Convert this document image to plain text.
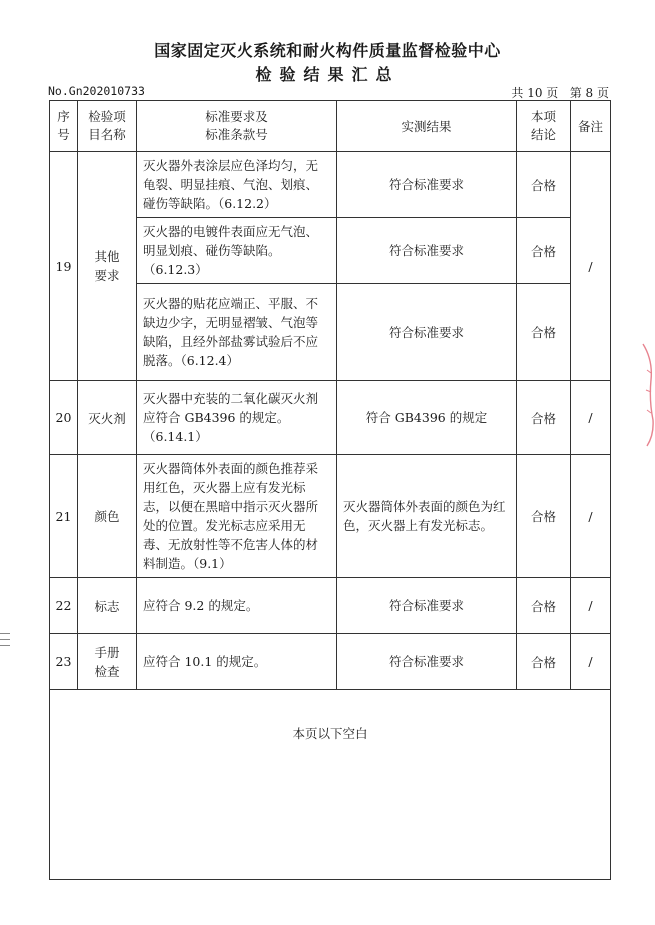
国家固定灭火系统和耐火构件质量监督检验中心
检验结果汇总
No.Gn202010733	共 10 页   第 8 页
序号	检验项目名称	标准要求及标准条款号	实测结果	本项结论	备注
19	其他要求	灭火器外表涂层应色泽均匀，无龟裂、明显挂痕、气泡、划痕、碰伤等缺陷。（6.12.2）	符合标准要求	合格	/
		灭火器的电镀件表面应无气泡、明显划痕、碰伤等缺陷。（6.12.3）	符合标准要求	合格	
		灭火器的贴花应端正、平服、不缺边少字，无明显褶皱、气泡等缺陷，且经外部盐雾试验后不应脱落。（6.12.4）	符合标准要求	合格	
20	灭火剂	灭火器中充装的二氧化碳灭火剂应符合 GB4396 的规定。（6.14.1）	符合 GB4396 的规定	合格	/
21	颜色	灭火器筒体外表面的颜色推荐采用红色，灭火器上应有发光标志，以便在黑暗中指示灭火器所处的位置。发光标志应采用无毒、无放射性等不危害人体的材料制造。（9.1）	灭火器筒体外表面的颜色为红色，灭火器上有发光标志。	合格	/
22	标志	应符合 9.2 的规定。	符合标准要求	合格	/
23	手册检查	应符合 10.1 的规定。	符合标准要求	合格	/
本页以下空白					
